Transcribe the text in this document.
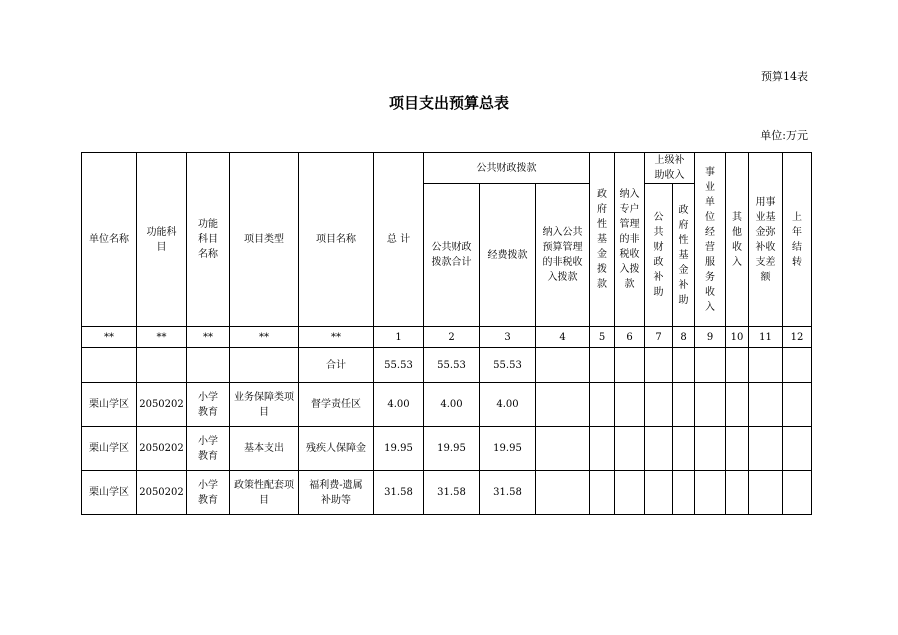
预算14表
项目支出预算总表
单位:万元
单位名称	功能科目	功能科目名称	项目类型	项目名称	总 计	公共财政拨款			政府性基金拨款	纳入专户管理的非税收入拨款	上级补助收入		事业单位经营服务收入	其他收入	用事业基金弥补收支差额	上年结转
						公共财政拨款合计	经费拨款	纳入公共预算管理的非税收入拨款			公共财政补助	政府性基金补助				

**	**	**	**	**	1	2	3	4	5	6	7	8	9	10	11	12
				合计	55.53	55.53	55.53									
栗山学区	2050202	小学教育	业务保障类项目	督学责任区	4.00	4.00	4.00									
栗山学区	2050202	小学教育	基本支出	残疾人保障金	19.95	19.95	19.95									
栗山学区	2050202	小学教育	政策性配套项目	福利费-遗属补助等	31.58	31.58	31.58									
